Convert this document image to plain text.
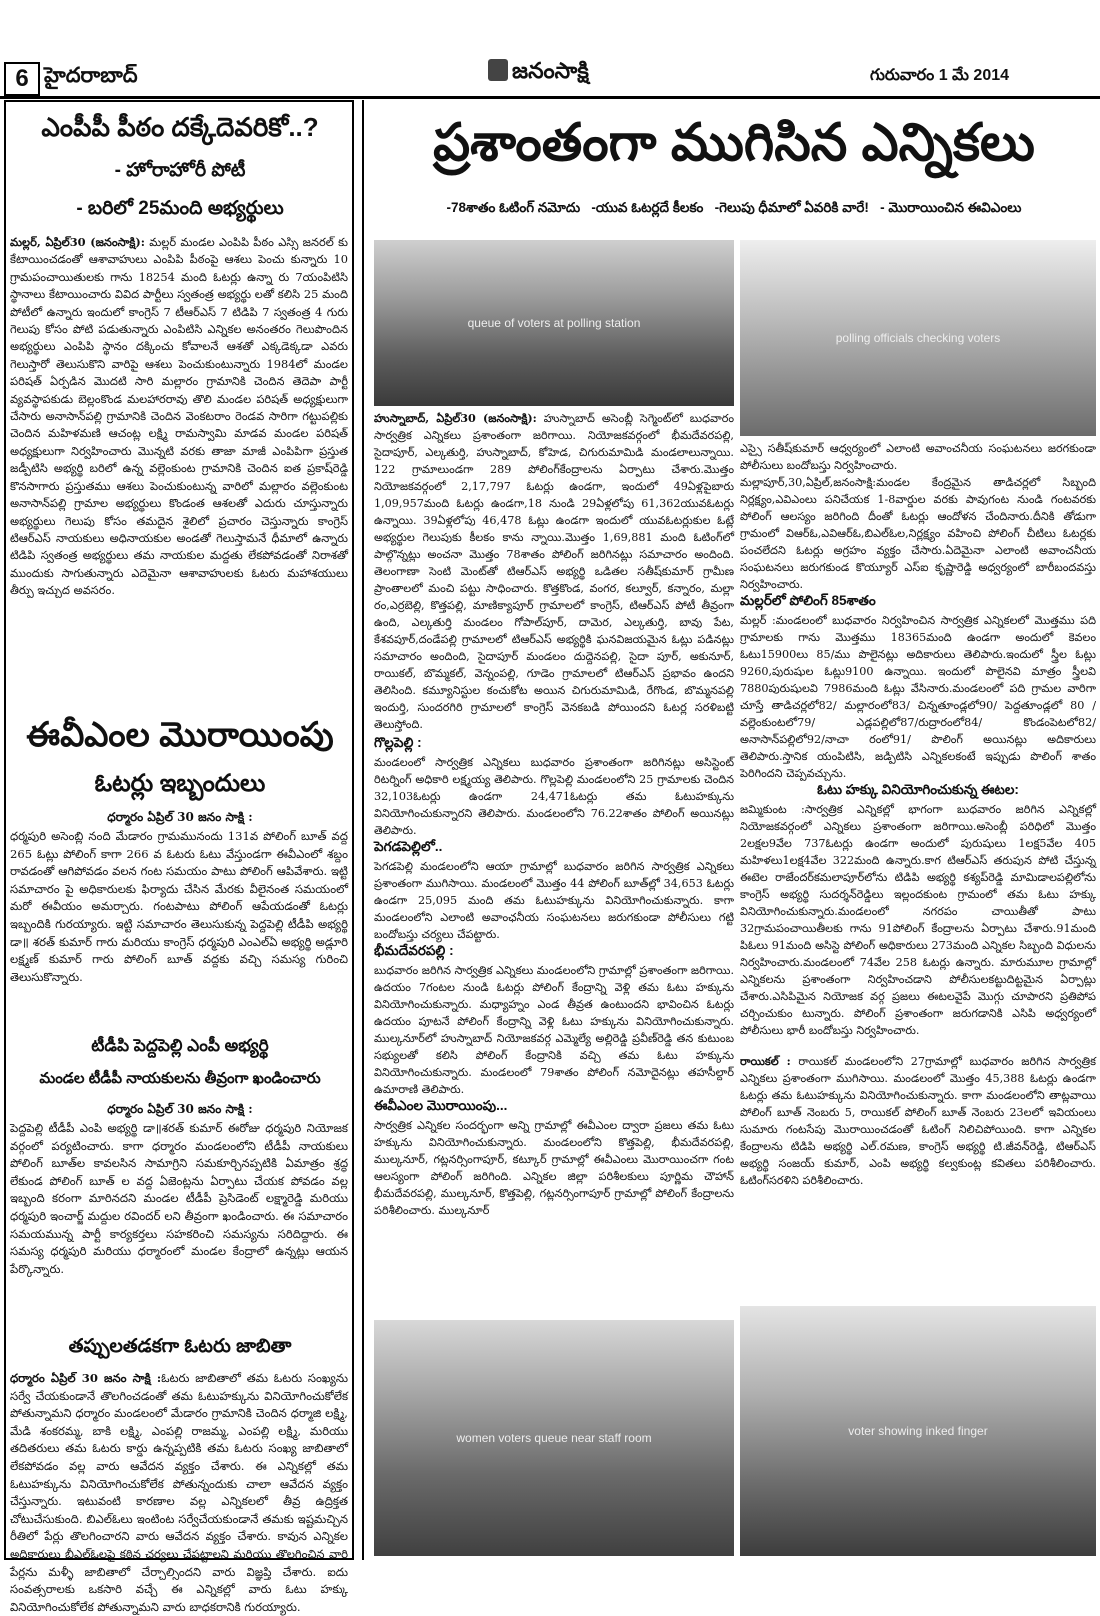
6 హైదరాబాద్	జనంసాక్షి	గురువారం 1 మే 2014
ఎంపీపీ పీఠం దక్కేదెవరికో..?
- హోరాహోరీ పోటీ
- బరిలో 25మంది అభ్యర్థులు

మల్లర్, ఏప్రిల్30 (జనంసాక్షి): మల్లర్ మండల ఎంపిపి పీఠం ఎస్సి జనరల్ కు కేటాయించడంతో ఆశావాహులు ఎంపిపి పీఠంపై ఆశలు పెంచు కున్నారు 10 గ్రామపంచాయితులకు గాను 18254 మంది ఓటర్లు ఉన్నా రు 7యంపిటిసి స్థానాలు కేటాయించారు వివిద పార్టీలు స్వతంత్ర అభ్యర్థు లతో కలిసి 25 మంది పోటీలో ఉన్నారు ఇందులో కాంగ్రెస్ 7 టీఆర్ఎస్ 7 టిడిపి 7 స్వతంత్ర 4 గురు గెలుపు కోసం పోటి పడుతున్నారు ఎంపిటిసి ఎన్నికల అనంతరం గెలుపొందిన అభ్యర్థులు ఎంపిపి స్థానం దక్కించు కోవాలనే ఆశతో ఎక్కడెక్కడా ఎవరు గెలుస్తారో తెలుసుకొని వారిపై ఆశలు పెంచుకుంటున్నారు 1984లో మండల పరిషత్ ఏర్పడిన మొదటి సారి మల్లారం గ్రామానికి చెందిన తెదెపా పార్టీ వ్యవస్థాపకుడు బెల్లంకొండ మలహారరావు తొలి మండల పరిషత్ అధ్యక్షులుగా చేసారు అనాసాన్‌పల్లి గ్రామానికి చెందిన వెంకటరాం రెండవ సారిగా గట్టుపల్లికు చెందిన మహిళమణి ఆచంట్ల లక్ష్మి రామస్వామి మాడవ మండల పరిషత్ అధ్యక్షులుగా నిర్వహించారు మొన్నటి వరకు తాజా మాజీ ఎంపిపిగా ప్రస్తుత జడ్పీటిసి అభ్యర్థి బరిలో ఉన్న వల్లెంకుంట గ్రామానికి చెందిన ఐత ప్రకాష్‌రెడ్డి కొనసాగారు ప్రస్తుతము ఆశలు పెంచుకుంటున్న వారిలో మల్లారం వల్లెంకుంట అనాసాన్‌పల్లి గ్రామాల అభ్యర్థులు కొండంత ఆశలతో ఎదురు చూస్తున్నారు అభ్యర్థులు గెలుపు కోసం తమదైన శైలిలో ప్రచారం చెస్తున్నారు కాంగ్రెస్ టిఆర్ఎస్ నాయకులు అధినాయకుల అండతో గెలుస్తామనే ధీమాలో ఉన్నారు టిడిపి స్వతంత్ర అభ్యర్థులు తమ నాయకుల మద్దతు లేకపోవడంతో నిరాశతో ముందుకు సాగుతున్నారు ఎదెమైనా ఆశావాహులకు ఓటరు మహాశయులు తీర్పు ఇచ్చుద అవసరం.

ఈవీఎంల మొరాయింపు
ఓటర్లు ఇబ్బందులు

ధర్మారం ఏప్రిల్ 30 జనం సాక్షి :

ధర్మపురి అసెంబ్లి నంది మేడారం గ్రామమునందు 131వ పోలింగ్ బూత్ వద్ద 265 ఓట్లు పోలింగ్ కాగా 266 వ ఓటరు ఓటు వేస్తుండగా ఈవీఎంలో శబ్దం రావడంతో ఆగిపోవడం వలన గంట సమయం పాటు పోలింగ్ ఆపివేశారు. ఇట్టి సమాచారం పై అధికారులకు ఫిర్యాదు చేసిన మేరకు వీలైనంత సమయంలో మరో ఈవీయం అమర్చారు. గంటపాటు పోలింగ్ ఆపేయడంతో ఓటర్లు ఇబ్బందికి గురయ్యారు. ఇట్టి సమాచారం తెలుసుకున్న పెద్దపెల్లి టీడీపి అభ్యర్థి డా॥ శరత్ కుమార్ గారు మరియు కాంగ్రెస్ ధర్మపురి ఎంఎల్ఏ అభ్యర్థి అడ్లూరి లక్ష్మణ్ కుమార్ గారు పోలింగ్ బూత్ వద్దకు వచ్చి సమస్య గురించి తెలుసుకొన్నారు.

టీడీపి పెద్దపెల్లి ఎంపీ అభ్యర్థి
మండల టీడీపీ నాయకులను తీవ్రంగా ఖండించారు

ధర్మారం ఏప్రిల్ 30 జనం సాక్షి :

పెద్దపెల్లి టీడీపీ ఎంపి అభ్యర్థి డా॥శరత్ కుమార్ ఈరోజు ధర్మపురి నియోజక వర్గంలో పర్యటించారు. కాగా ధర్మారం మండలంలోని టీడీపీ నాయకులు పోలింగ్ బూత్‌ల కావలసిన సామాగ్రిని సమకూర్చినప్పటికి ఏమాత్రం శ్రద్ధ లేకుండ పోలింగ్ బూత్ ల వద్ద ఏజెంట్లను ఏర్పాటు చేయక పోవడం వల్ల ఇబ్బంది కరంగా మారినదని మండల టీడీపీ ప్రెసిడెంట్ లక్ష్మారెడ్డి మరియు ధర్మపురి ఇంచార్జ్ మద్దుల రవిందర్ లని తీవ్రంగా ఖండించారు. ఈ సమాచారం సమయమున్న పార్టీ కార్యకర్తలు సహకరించి సమస్యను సరిదిద్దారు. ఈ సమస్య ధర్మపురి మరియు ధర్మారంలో మండల కేంద్రాలో ఉన్నట్లు ఆయన పేర్కొన్నారు.

తప్పులతడకగా ఓటరు జాబితా

ధర్మారం ఏప్రిల్ 30 జనం సాక్షి :ఓటరు జాబితాలో తమ ఓటరు సంఖ్యను సర్వే చేయకుండానే తొలగించడంతో తమ ఓటుహక్కును వినియోగించుకోలేక పోతున్నామని ధర్మారం మండలంలో మేడారం గ్రామానికి చెందిన ధర్మాజి లక్ష్మి, మేడి శంకరమ్మ, బాకి లక్ష్మి, ఎంపల్లి రాజమ్మ, ఎంపల్లి లక్ష్మి, మరియు తదితరులు తమ ఓటరు కార్డు ఉన్నప్పటికి తమ ఓటరు సంఖ్య జాబితాలో లేకపోవడం వల్ల వారు ఆవేదన వ్యక్తం చేశారు. ఈ ఎన్నికల్లో తమ ఓటుహక్కును వినియోగించుకోలేక పోతున్నందుకు చాలా ఆవేదన వ్యక్తం చేస్తున్నారు. ఇటువంటి కారణాల వల్ల ఎన్నికలలో తీవ్ర ఉద్రిక్తత చోటుచేసుకుంది. బిఎల్ఓలు ఇంటింట సర్వేచేయకుండానే తమకు ఇష్టమచ్చిన రీతిలో పేర్లు తొలగించారని వారు ఆవేదన వ్యక్తం చేశారు. కావున ఎన్నికల అధికారులు బీఎల్ఓలపై కఠిన చర్యలు చేపట్టాలని మరియు తొలగించిన వారి పేర్లను మళ్ళీ జాబితాలో చేర్చాల్సిందని వారు విజ్ఞప్తి చేశారు. ఐదు సంవత్సరాలకు ఒకసారి వచ్చే ఈ ఎన్నికల్లో వారు ఓటు హక్కు వినియోగించుకోలేక పోతున్నామని వారు బాధకరానికి గురయ్యారు.

ప్రశాంతంగా ముగిసిన ఎన్నికలు

-78శాతం ఓటింగ్ నమోదు   -యువ ఓటర్లదే కీలకం   -గెలుపు ధీమాలో ఏవరికి వారే!   - మొరాయించిన ఈవిఎంలు

queue of voters at polling station
polling officials checking voters

హుస్నాబాద్, ఏప్రిల్30 (జనంసాక్షి): హుస్నాబాద్ అసెంబ్లీ సెగ్మెంట్‌లో బుధవారం సార్వత్రిక ఎన్నికలు ప్రశాంతంగా జరిగాయి. నియోజకవర్గంలో భీమదేవరపల్లి, సైదాపూర్, ఎల్కతుర్తి, హుస్నాబాద్, కోహెడ, చిగురుమామిడి మండలాలున్నాయి. 122 గ్రామాలుండగా 289 పోలింగ్‌కేంద్రాలను ఏర్పాటు చేశారు.మొత్తం నియోజకవర్గంలో 2,17,797 ఓటర్లు ఉండగా, ఇందులో 49ఏళ్లపైబారు 1,09,957మంది ఓటర్లు ఉండగా,18 నుండి 29ఏళ్లలోపు 61,362యువఓటర్లు ఉన్నాయి. 39ఏళ్లలోపు 46,478 ఓట్లు ఉండగా ఇందులో యువఓటర్లుకుల ఓట్లే అభ్యర్థుల గెలుపుకు కీలకం కాను న్నాయి.మొత్తం 1,69,881 మంది ఓటింగ్‌లో పాల్గొన్నట్లు అంచనా మొత్తం 78శాతం పోలింగ్ జరిగినట్లు సమాచారం అందింది. తెలంగాణా సెంటి మెంట్‌తో టిఆర్ఎస్ అభ్యర్థి ఒడితల సతీష్‌కుమార్ గ్రామీణ ప్రాంతాలలో మంచి పట్టు సాధించారు. కొత్తకొండ, వంగర, కల్వూర్, కన్నారం, మల్లా రం,ఎర్రబెల్లి, కొత్తపల్లి, మాణిక్యాపూర్ గ్రామాలలో కాంగ్రెస్, టిఆర్ఎస్ పోటీ తీవ్రంగా ఉంది, ఎల్కతుర్తి మండలం గోపాల్‌పూర్, దామెర, ఎల్కతుర్తి, బావు పేట, కేశవపూర్,దండేపల్లి గ్రామాలలో టిఆర్ఎస్ అభ్యర్థికి ఘనవిజయమైన ఓట్లు పడినట్లు సమాచారం అందింది, సైదాపూర్ మండలం దుద్దెనపల్లి, సైదా పూర్, అకునూర్, రాయికల్, బొమ్మకల్, వెన్నంపల్లి, గూడెం గ్రామాలలో టిఆర్ఎస్ ప్రభావం ఉందని తెలిసింది. కమ్యూనిస్టుల కంచుకోట అయిన చిగురుమామిడి, రేగొండ, బొమ్మనపల్లి ఇందుర్తి, సుందరగిరి గ్రామాలలో కాంగ్రెస్ వెనకబడి పోయిందని ఓటర్ల సరళిబట్టి తెలుస్తోంది.

గొల్లపెల్లి :

మండలంలో సార్వత్రిక ఎన్నికలు బుధవారం ప్రశాంతంగా జరిగినట్లు అసిస్టెంట్ రిటర్నింగ్ అధికారి లక్ష్మయ్య తెలిపారు. గొల్లపెల్లి మండలంలోని 25 గ్రామాలకు చెందిన 32,103ఓటర్లు ఉండగా 24,471ఓటర్లు తమ ఓటుహక్కును వినియోగించుకున్నారని తెలిపారు. మండలంలోని 76.22శాతం పోలింగ్ అయినట్లు తెలిపారు.

పెగడపెల్లిలో..

పెగడపెల్లి మండలంలోని ఆయా గ్రామాల్లో బుధవారం జరిగిన సార్వత్రిక ఎన్నికలు ప్రశాంతంగా ముగిసాయి. మండలంలో మొత్తం 44 పోలింగ్ బూత్‌ల్లో 34,653 ఓటర్లు ఉండగా 25,095 మంది తమ ఓటుహక్కును వినియోగించుకున్నారు. కాగా మండలంలోని ఎలాంటి అవాంఛనీయ సంఘటనలు జరుగకుండా పోలీసులు గట్టి బందోబస్తు చర్యలు చేపట్టారు.

భీమదేవరపల్లి :

బుధవారం జరిగిన సార్వత్రిక ఎన్నికలు మండలంలోని గ్రామాల్లో ప్రశాంతంగా జరిగాయి. ఉదయం 7గంటల నుండి ఓటర్లు పోలింగ్ కేంద్రాన్ని వెళ్లి తమ ఓటు హక్కును వినియోగించుకున్నారు. మధ్యాహ్నం ఎండ తీవ్రత ఉంటుందని భావించిన ఓటర్లు ఉదయం పూటనే పోలింగ్ కేంద్రాన్ని వెళ్లి ఓటు హక్కును వినియోగించుకున్నారు. ముల్కనూర్‌లో హుస్నాబాద్ నియోజకవర్గ ఎమ్మెల్యే అల్లిరెడ్డి ప్రవీణ్‌రెడ్డి తన కుటుంబ సభ్యులతో కలిసి పోలింగ్ కేంద్రానికి వచ్చి తమ ఓటు హక్కును వినియోగించుకున్నారు. మండలంలో 79శాతం పోలింగ్ నమోదైనట్లు తహసీల్దార్ ఉమారాణి తెలిపారు.

ఈవీఎంల మొరాయింపు...

సార్వత్రిక ఎన్నికల సందర్భంగా అన్ని గ్రామాల్లో ఈవీఎంల ద్వారా ప్రజలు తమ ఓటు హక్కును వినియోగించుకున్నారు. మండలంలోని కొత్తపెల్లి, భీమదేవరపల్లి, ముల్కనూర్, గట్లనర్సింగాపూర్, కట్కూర్ గ్రామాల్లో ఈవీఎంలు మొరాయించగా గంట ఆలస్యంగా పోలింగ్ జరిగింది. ఎన్నికల జిల్లా పరిశీలకులు పూర్ణిమ చౌహాన్ భీమదేవరపల్లి, ముల్కనూర్, కొత్తపెల్లి, గట్లనర్సింగాపూర్ గ్రామాల్లో పోలింగ్ కేంద్రాలను పరిశీలించారు. ముల్కనూర్

ఎస్సై సతీష్‌కుమార్ ఆధ్వర్యంలో ఎలాంటి అవాంచనీయ సంఘటనలు జరగకుండా పోలీసులు బందోబస్తు నిర్వహించారు.

మల్లాపూర్,30,ఏప్రిల్,జనంసాక్షి:మండల కేంద్రమైన తాడిచర్లలో సిబ్బంది నిర్లక్ష్యం,ఎవిఎంలు పనిచేయక 1-8వార్డుల వరకు పావుగంట నుండి గంటవరకు పోలింగ్ ఆలస్యం జరిగింది దీంతో ఓటర్లు ఆందోళన చేందినారు.దీనికి తోడుగా గ్రామంలో విఆర్ఓ,ఎవిఆర్ఓ,బిఎల్ఓల,నిర్లక్ష్యం వహించి పోలింగ్ చీటిలు ఓటర్లకు పంచలేదని ఓటర్లు అగ్రహం వ్యక్తం చేసారు.ఏదెమైనా ఎలాంటి అవాంచనీయ సంఘటనలు జరుగకుండ కొయ్యూర్ ఎస్ఐ కృష్ణారెడ్డి అధ్వర్యంలో బారీబందవస్తు నిర్వహించారు.

మల్లర్‌లో పోలింగ్ 85శాతం

మల్లర్ :మండలంలో బుధవారం నిర్వహించిన సార్వత్రిక ఎన్నికలలో మొత్తము పది గ్రామాలకు గాను మొత్తము 18365మంది ఉండగా అందులో కెవలం ఓటు15900లు 85/ము పొలైనట్లు అదికారులు తెలిపారు.ఇందులో స్త్రీల ఓట్లు 9260,పురుషుల ఓట్లు9100 ఉన్నాయి. ఇందులో పొలైనవి మాత్రం స్త్రీలవి 7880పురుషులవి 7986మంది ఓట్లు వేసినారు.మండలంలో పది గ్రామల వారిగా చూస్తే తాడిచర్లలో82/ మల్లారంలో83/ చిన్నతూండ్లలో90/ పెద్దతూండ్లలో 80 / వల్లెంకుంటలో79/ ఎడ్లపల్లిలో87/రుద్రారంలో84/ కొండంపెటలో82/ అనాసాన్‌పల్లిలో92/నాచా రంలో91/ పొలింగ్ అయినట్లు అదికారులు తెలిపారు.స్తానిక యంపిటిసి, జడ్పిటిసి ఎన్నికలకంటే ఇప్పుడు పొలింగ్ శాతం పెరిగిందని చెప్పవచ్చును.

ఓటు హక్కు వినియోగించుకున్న ఈటల:

జమ్మికుంట :సార్వత్రిక ఎన్నికల్లో భాగంగా బుధవారం జరిగిన ఎన్నికల్లో నియోజకవర్గంలో ఎన్నికలు ప్రశాంతంగా జరిగాయి.అసెంబ్లీ పరిధిలో మొత్తం 2లక్షల9వేల 737ఓటర్లు ఉండగా అందులో పురుషులు 1లక్ష5వేల 405 మహిళలు1లక్ష4వేల 322మంది ఉన్నారు.కాగ టిఆర్ఎస్ తరుపున పోటి చేస్తున్న ఈటెల రాజేందర్‌కమలాపూర్‌లోను టిడిపి అభ్యర్థి కశ్యప్‌రెడ్డి మామిడాలపల్లిలోను కాంగ్రెస్ అభ్యర్థి సుదర్శన్‌రెడ్డిలు ఇల్లందకుంట గ్రామంలో తమ ఓటు హక్కు వినియోగించుకున్నారు.మండలంలో నగరపం చాయితీతో పాటు 32గ్రామపంచాయితీలకు గాను 91పోలింగ్ కేంద్రాలను ఏర్పాటు చేశారు.91మంది పిఓలు 91మంది అసిస్టె పోలింగ్ అధికారులు 273మంది ఎన్నికల సిబ్బంది విధులను నిర్వహించారు.మండలంలో 74వేల 258 ఓటర్లు ఉన్నారు. మారుమూల గ్రామాల్లో ఎన్నికలను ప్రశాంతంగా నిర్వహించడాని పోలీసులకట్టుదిట్టమైన ఏర్పాట్లు చేశారు.ఎసిపిమైన నియోజక వర్గ ప్రజలు ఈటలవైపే మొగ్గు చూపారని ప్రతిపోప చర్చించుకుం టున్నారు. పోలింగ్ ప్రశాంతంగా జరుగడానికి ఎసిపి అధ్వర్యంలో పోలీసులు భారీ బందోబస్తు నిర్వహించారు.

రాయికల్ : రాయికల్ మండలంలోని 27గ్రామాల్లో బుధవారం జరిగిన సార్వత్రిక ఎన్నికలు ప్రశాంతంగా ముగిసాయి. మండలంలో మొత్తం 45,388 ఓటర్లు ఉండగా ఓటర్లు తమ ఓటుహక్కును వినియోగించుకున్నారు. కాగా మండలంలోని తాట్లవాయి పోలింగ్ బూత్ నెంబరు 5, రాయికల్ పోలింగ్ బూత్ నెంబరు 23లలో ఇవియంలు సుమారు గంటసేపు మొరాయించడంతో ఓటింగ్ నిలిచిపోయింది. కాగా ఎన్నికల కేంద్రాలను టిడిపి అభ్యర్థి ఎల్.రమణ, కాంగ్రెస్ అభ్యర్థి టి.జీవన్‌రెడ్డి, టిఆర్ఎస్ అభ్యర్థి సంజయ్ కుమార్, ఎంపి అభ్యర్థి కల్వకుంట్ల కవితలు పరిశీలించారు. ఓటింగ్‌సరళిని పరిశీలించారు.

women voters queue near staff room	voter showing inked finger
